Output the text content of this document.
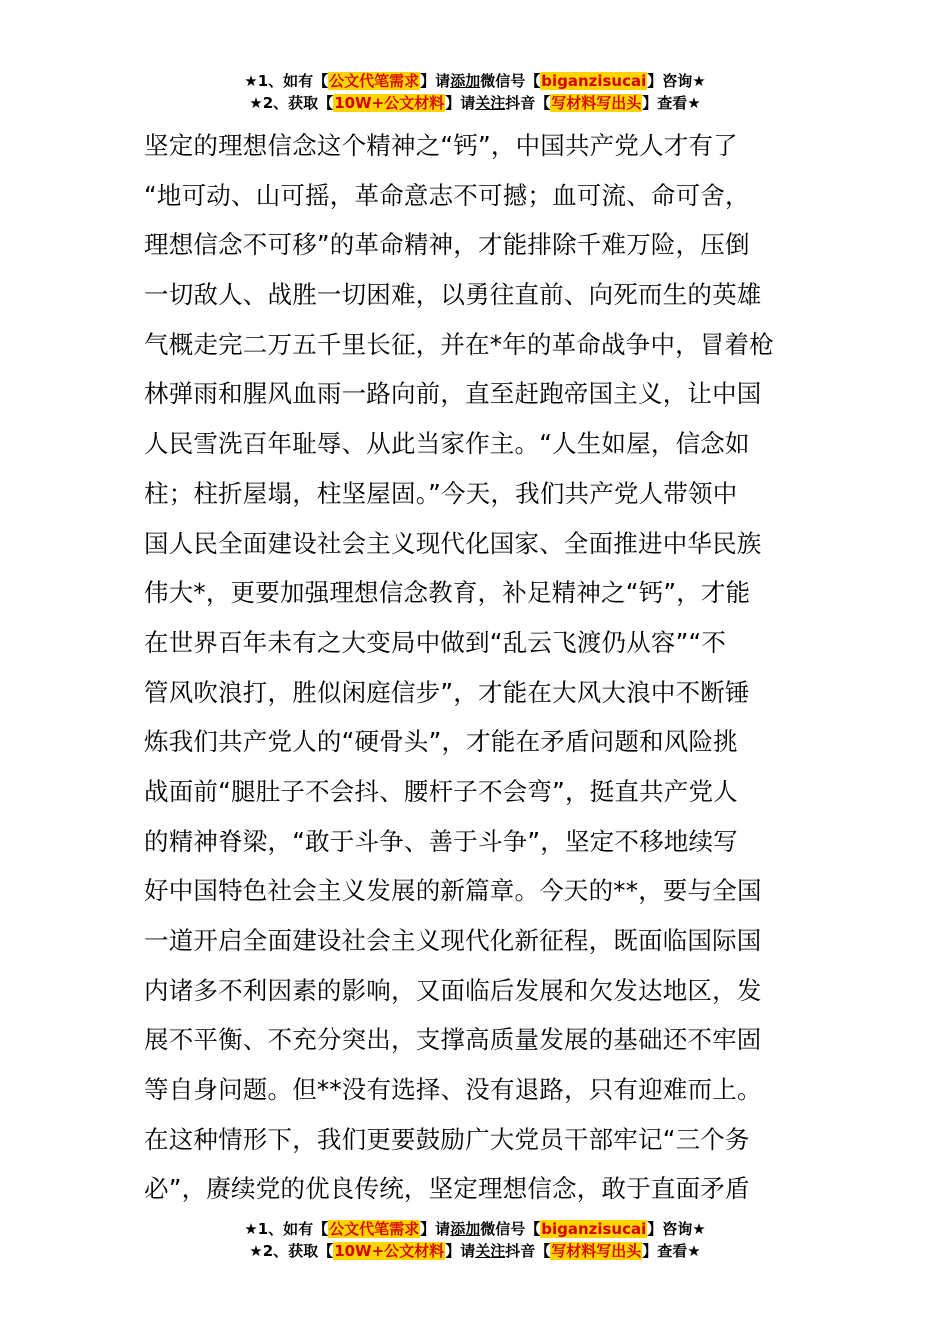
★1、如有【公文代笔需求】请添加微信号【biganzisucai】咨询★
★2、获取【10W+公文材料】请关注抖音【写材料写出头】查看★
坚定的理想信念这个精神之“钙”，中国共产党人才有了
“地可动、山可摇，革命意志不可撼；血可流、命可舍，
理想信念不可移”的革命精神，才能排除千难万险，压倒
一切敌人、战胜一切困难，以勇往直前、向死而生的英雄
气概走完二万五千里长征，并在*年的革命战争中，冒着枪
林弹雨和腥风血雨一路向前，直至赶跑帝国主义，让中国
人民雪洗百年耻辱、从此当家作主。“人生如屋，信念如
柱；柱折屋塌，柱坚屋固。”今天，我们共产党人带领中
国人民全面建设社会主义现代化国家、全面推进中华民族
伟大*，更要加强理想信念教育，补足精神之“钙”，才能
在世界百年未有之大变局中做到“乱云飞渡仍从容”“不
管风吹浪打，胜似闲庭信步”，才能在大风大浪中不断锤
炼我们共产党人的“硬骨头”，才能在矛盾问题和风险挑
战面前“腿肚子不会抖、腰杆子不会弯”，挺直共产党人
的精神脊梁，“敢于斗争、善于斗争”，坚定不移地续写
好中国特色社会主义发展的新篇章。今天的**，要与全国
一道开启全面建设社会主义现代化新征程，既面临国际国
内诸多不利因素的影响，又面临后发展和欠发达地区，发
展不平衡、不充分突出，支撑高质量发展的基础还不牢固
等自身问题。但**没有选择、没有退路，只有迎难而上。
在这种情形下，我们更要鼓励广大党员干部牢记“三个务
必”，赓续党的优良传统，坚定理想信念，敢于直面矛盾
★1、如有【公文代笔需求】请添加微信号【biganzisucai】咨询★
★2、获取【10W+公文材料】请关注抖音【写材料写出头】查看★
